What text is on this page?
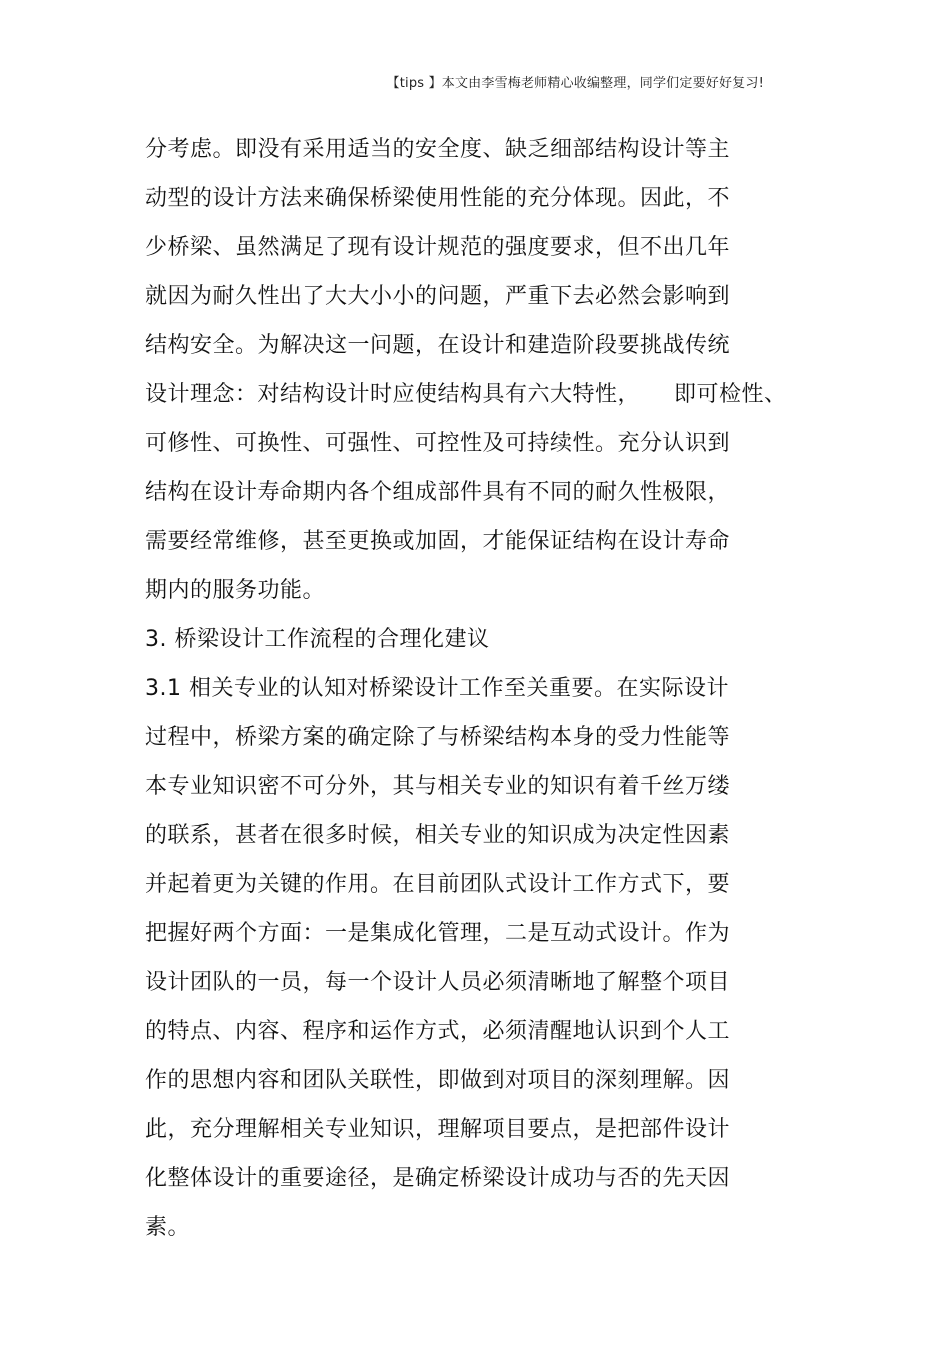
【tips 】本文由李雪梅老师精心收编整理，同学们定要好好复习!
分考虑。即没有采用适当的安全度、缺乏细部结构设计等主
动型的设计方法来确保桥梁使用性能的充分体现。因此，不
少桥梁、虽然满足了现有设计规范的强度要求，但不出几年
就因为耐久性出了大大小小的问题，严重下去必然会影响到
结构安全。为解决这一问题，在设计和建造阶段要挑战传统
设计理念：对结构设计时应使结构具有六大特性，　　即可检性、
可修性、可换性、可强性、可控性及可持续性。充分认识到
结构在设计寿命期内各个组成部件具有不同的耐久性极限，
需要经常维修，甚至更换或加固，才能保证结构在设计寿命
期内的服务功能。
3. 桥梁设计工作流程的合理化建议
3.1 相关专业的认知对桥梁设计工作至关重要。在实际设计
过程中，桥梁方案的确定除了与桥梁结构本身的受力性能等
本专业知识密不可分外，其与相关专业的知识有着千丝万缕
的联系，甚者在很多时候，相关专业的知识成为决定性因素
并起着更为关键的作用。在目前团队式设计工作方式下，要
把握好两个方面：一是集成化管理，二是互动式设计。作为
设计团队的一员，每一个设计人员必须清晰地了解整个项目
的特点、内容、程序和运作方式，必须清醒地认识到个人工
作的思想内容和团队关联性，即做到对项目的深刻理解。因
此，充分理解相关专业知识，理解项目要点，是把部件设计
化整体设计的重要途径，是确定桥梁设计成功与否的先天因
素。
